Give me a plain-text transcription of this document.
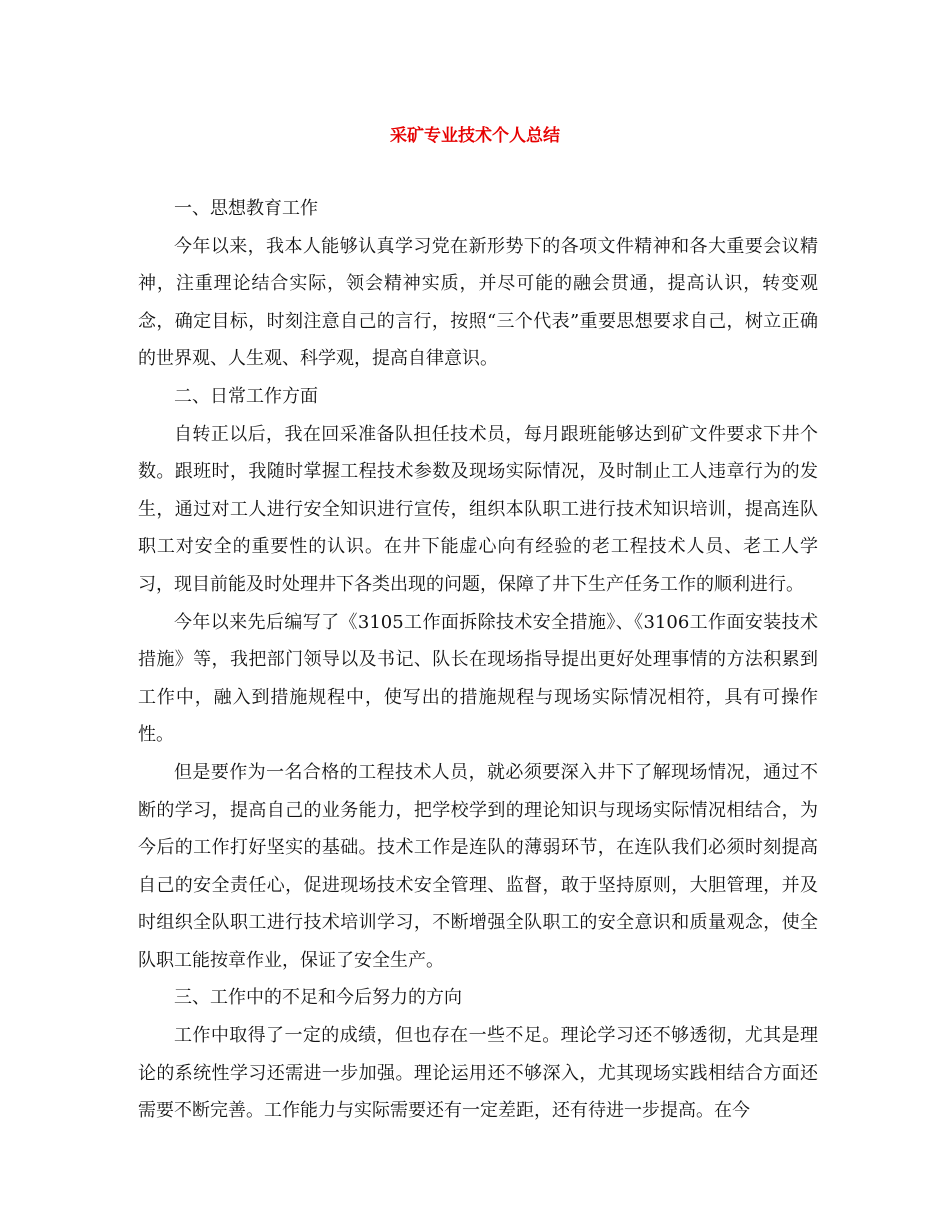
采矿专业技术个人总结

一、思想教育工作

今年以来，我本人能够认真学习党在新形势下的各项文件精神和各大重要会议精神，注重理论结合实际，领会精神实质，并尽可能的融会贯通，提高认识，转变观念，确定目标，时刻注意自己的言行，按照“三个代表”重要思想要求自己，树立正确的世界观、人生观、科学观，提高自律意识。

二、日常工作方面

自转正以后，我在回采准备队担任技术员，每月跟班能够达到矿文件要求下井个数。跟班时，我随时掌握工程技术参数及现场实际情况，及时制止工人违章行为的发生，通过对工人进行安全知识进行宣传，组织本队职工进行技术知识培训，提高连队职工对安全的重要性的认识。在井下能虚心向有经验的老工程技术人员、老工人学习，现目前能及时处理井下各类出现的问题，保障了井下生产任务工作的顺利进行。

今年以来先后编写了《3105工作面拆除技术安全措施》、《3106工作面安装技术措施》等，我把部门领导以及书记、队长在现场指导提出更好处理事情的方法积累到工作中，融入到措施规程中，使写出的措施规程与现场实际情况相符，具有可操作性。

但是要作为一名合格的工程技术人员，就必须要深入井下了解现场情况，通过不断的学习，提高自己的业务能力，把学校学到的理论知识与现场实际情况相结合，为今后的工作打好坚实的基础。技术工作是连队的薄弱环节，在连队我们必须时刻提高自己的安全责任心，促进现场技术安全管理、监督，敢于坚持原则，大胆管理，并及时组织全队职工进行技术培训学习，不断增强全队职工的安全意识和质量观念，使全队职工能按章作业，保证了安全生产。

三、工作中的不足和今后努力的方向

工作中取得了一定的成绩，但也存在一些不足。理论学习还不够透彻，尤其是理论的系统性学习还需进一步加强。理论运用还不够深入，尤其现场实践相结合方面还需要不断完善。工作能力与实际需要还有一定差距，还有待进一步提高。在今
